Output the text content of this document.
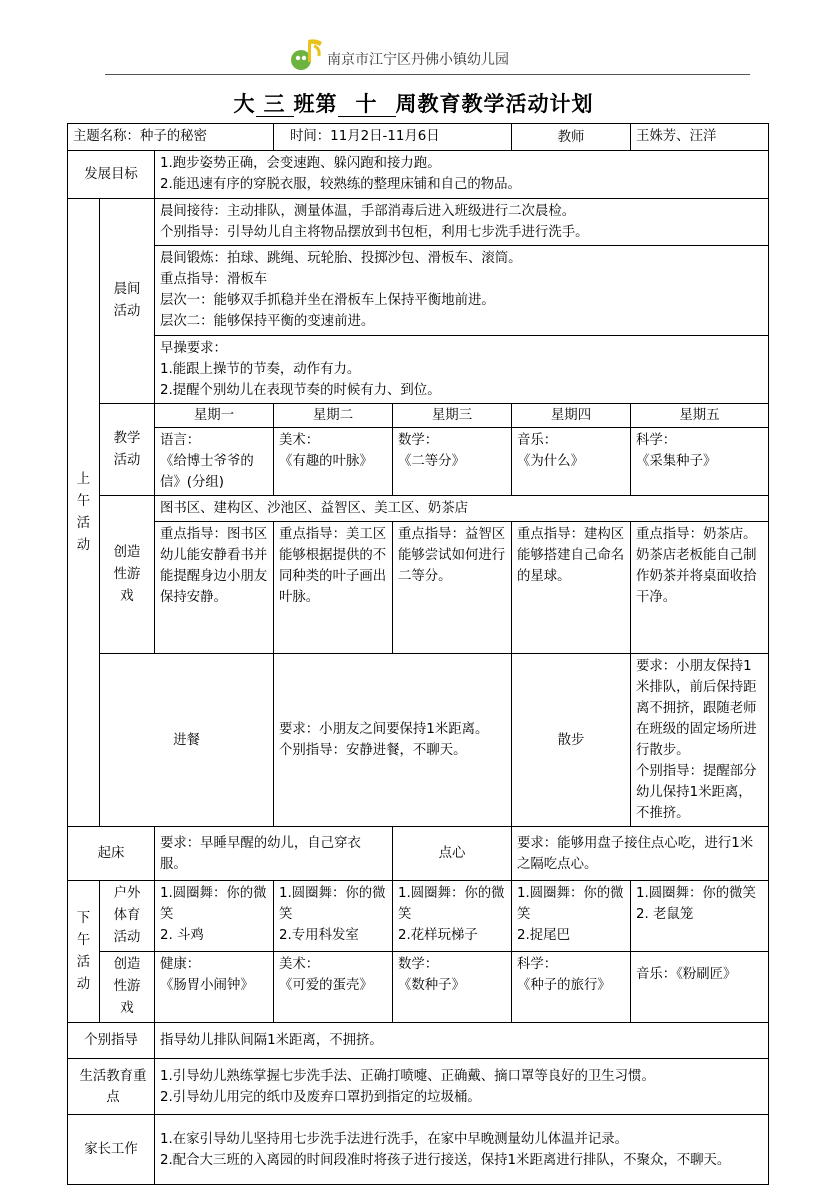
南京市江宁区丹佛小镇幼儿园
大 三 班第 十 周教育教学活动计划
主题名称：种子的秘密			时间：11月2日-11月6日		教师	王姝芳、汪洋
发展目标		1.跑步姿势正确，会变速跑、躲闪跑和接力跑。
2.能迅速有序的穿脱衣服，较熟练的整理床铺和自己的物品。				

上午活动	晨间活动	晨间接待：主动排队，测量体温，手部消毒后进入班级进行二次晨检。
个别指导：引导幼儿自主将物品摆放到书包柜，利用七步洗手进行洗手。				

		晨间锻炼：拍球、跳绳、玩轮胎、投掷沙包、滑板车、滚筒。
重点指导：滑板车
层次一：能够双手抓稳并坐在滑板车上保持平衡地前进。
层次二：能够保持平衡的变速前进。				

		早操要求：
1.能跟上操节的节奏，动作有力。
2.提醒个别幼儿在表现节奏的时候有力、到位。				

	教学活动	星期一	星期二	星期三	星期四	星期五

		语言：
《给博士爷爷的信》(分组)	美术：
《有趣的叶脉》	数学：
《二等分》	音乐：
《为什么》	科学：
《采集种子》

	创造性游戏	图书区、建构区、沙池区、益智区、美工区、奶茶店				
		重点指导：图书区幼儿能安静看书并能提醒身边小朋友保持安静。	重点指导：美工区能够根据提供的不同种类的叶子画出叶脉。	重点指导：益智区能够尝试如何进行二等分。	重点指导：建构区能够搭建自己命名的星球。	重点指导：奶茶店。奶茶店老板能自己制作奶茶并将桌面收拾干净。
	进餐		要求：小朋友之间要保持1米距离。
个别指导：安静进餐，不聊天。		散步	要求：小朋友保持1米排队，前后保持距离不拥挤，跟随老师在班级的固定场所进行散步。
个别指导：提醒部分幼儿保持1米距离，不推挤。

起床		要求：早睡早醒的幼儿，自己穿衣服。		点心	要求：能够用盘子接住点心吃，进行1米之隔吃点心。	
下午活动	户外体育活动	1.圆圈舞：你的微笑
2. 斗鸡	1.圆圈舞：你的微笑
2.专用科发室	1.圆圈舞：你的微笑
2.花样玩梯子	1.圆圈舞：你的微笑
2.捉尾巴	1.圆圈舞：你的微笑
2. 老鼠笼

	创造性游戏	健康：
《肠胃小闹钟》	美术：
《可爱的蛋壳》	数学：
《数种子》	科学：
《种子的旅行》	音乐：《粉刷匠》

个别指导		指导幼儿排队间隔1米距离，不拥挤。				
生活教育重点		1.引导幼儿熟练掌握七步洗手法、正确打喷嚏、正确戴、摘口罩等良好的卫生习惯。
2.引导幼儿用完的纸巾及废弃口罩扔到指定的垃圾桶。				

家长工作		1.在家引导幼儿坚持用七步洗手法进行洗手，在家中早晚测量幼儿体温并记录。
2.配合大三班的入离园的时间段准时将孩子进行接送，保持1米距离进行排队，不聚众，不聊天。				
